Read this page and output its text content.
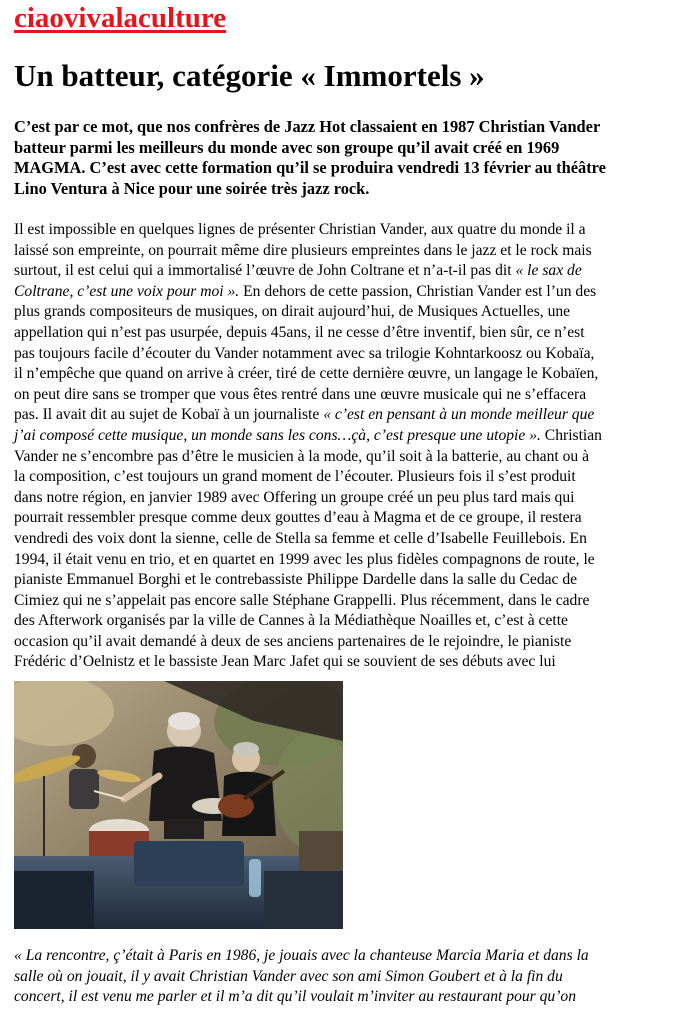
ciaovivalaculture
Un batteur, catégorie « Immortels »

C’est par ce mot, que nos confrères de Jazz Hot classaient en 1987 Christian Vander
batteur parmi les meilleurs du monde avec son groupe qu’il avait créé en 1969
MAGMA. C’est avec cette formation qu’il se produira vendredi 13 février au théâtre
Lino Ventura à Nice pour une soirée très jazz rock.

Il est impossible en quelques lignes de présenter Christian Vander, aux quatre du monde il a
laissé son empreinte, on pourrait même dire plusieurs empreintes dans le jazz et le rock mais
surtout, il est celui qui a immortalisé l’œuvre de John Coltrane et n’a-t-il pas dit « le sax de
Coltrane, c’est une voix pour moi ». En dehors de cette passion, Christian Vander est l’un des
plus grands compositeurs de musiques, on dirait aujourd’hui, de Musiques Actuelles, une
appellation qui n’est pas usurpée, depuis 45ans, il ne cesse d’être inventif, bien sûr, ce n’est
pas toujours facile d’écouter du Vander notamment avec sa trilogie Kohntarkoosz ou Kobaïa,
il n’empêche que quand on arrive à créer, tiré de cette dernière œuvre, un langage le Kobaïen,
on peut dire sans se tromper que vous êtes rentré dans une œuvre musicale qui ne s’effacera
pas. Il avait dit au sujet de Kobaï à un journaliste « c’est en pensant à un monde meilleur que
j’ai composé cette musique, un monde sans les cons…çà, c’est presque une utopie ». Christian
Vander ne s’encombre pas d’être le musicien à la mode, qu’il soit à la batterie, au chant ou à
la composition, c’est toujours un grand moment de l’écouter. Plusieurs fois il s’est produit
dans notre région, en janvier 1989 avec Offering un groupe créé un peu plus tard mais qui
pourrait ressembler presque comme deux gouttes d’eau à Magma et de ce groupe, il restera
vendredi des voix dont la sienne, celle de Stella sa femme et celle d’Isabelle Feuillebois. En
1994, il était venu en trio, et en quartet en 1999 avec les plus fidèles compagnons de route, le
pianiste Emmanuel Borghi et le contrebassiste Philippe Dardelle dans la salle du Cedac de
Cimiez qui ne s’appelait pas encore salle Stéphane Grappelli. Plus récemment, dans le cadre
des Afterwork organisés par la ville de Cannes à la Médiathèque Noailles et, c’est à cette
occasion qu’il avait demandé à deux de ses anciens partenaires de le rejoindre, le pianiste
Frédéric d’Oelnistz et le bassiste Jean Marc Jafet qui se souvient de ses débuts avec lui

« La rencontre, ç’était à Paris en 1986, je jouais avec la chanteuse Marcia Maria et dans la
salle où on jouait, il y avait Christian Vander avec son ami Simon Goubert et à la fin du
concert, il est venu me parler et il m’a dit qu’il voulait m’inviter au restaurant pour qu’on
